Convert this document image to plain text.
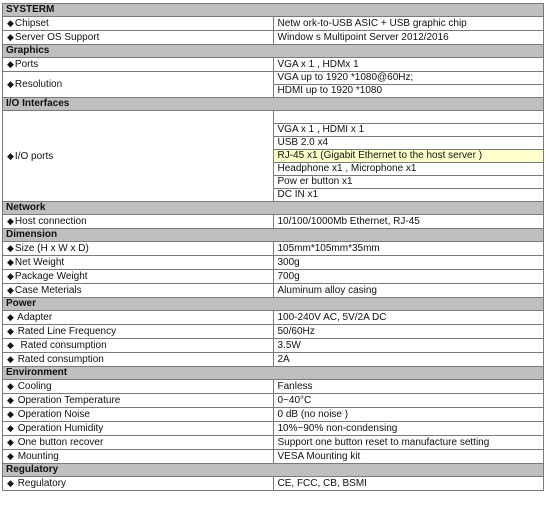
SYSTERM	
◆Chipset	Netw ork-to-USB ASIC + USB graphic chip
◆Server OS Support	Window s Multipoint Server 2012/2016
Graphics	
◆Ports	VGA x 1 , HDMx 1
◆Resolution	VGA up to 1920 *1080@60Hz;
	HDMI up to 1920 *1080
I/O Interfaces	
◆I/O ports	
	VGA x 1 , HDMI x 1
	USB 2.0 x4
	RJ-45 x1 (Gigabit Ethernet to the host server )
	Headphone x1 , Microphone x1
	Pow er button x1
	DC IN x1
Network	
◆Host connection	10/100/1000Mb Ethernet, RJ-45
Dimension	
◆Size (H x W x D)	105mm*105mm*35mm
◆Net Weight	300g
◆Package Weight	700g
◆Case Meterials	Aluminum alloy casing
Power	
◆ Adapter	100-240V AC, 5V/2A DC
◆ Rated Line Frequency	50/60Hz
◆  Rated consumption	3.5W
◆ Rated consumption	2A
Environment	
◆ Cooling	Fanless
◆ Operation Temperature	0~40°C
◆ Operation Noise	0 dB (no noise )
◆ Operation Humidity	10%~90% non-condensing
◆ One button recover	Support one button reset to manufacture setting
◆ Mounting	VESA Mounting kit
Regulatory	
◆ Regulatory	CE, FCC, CB, BSMI
